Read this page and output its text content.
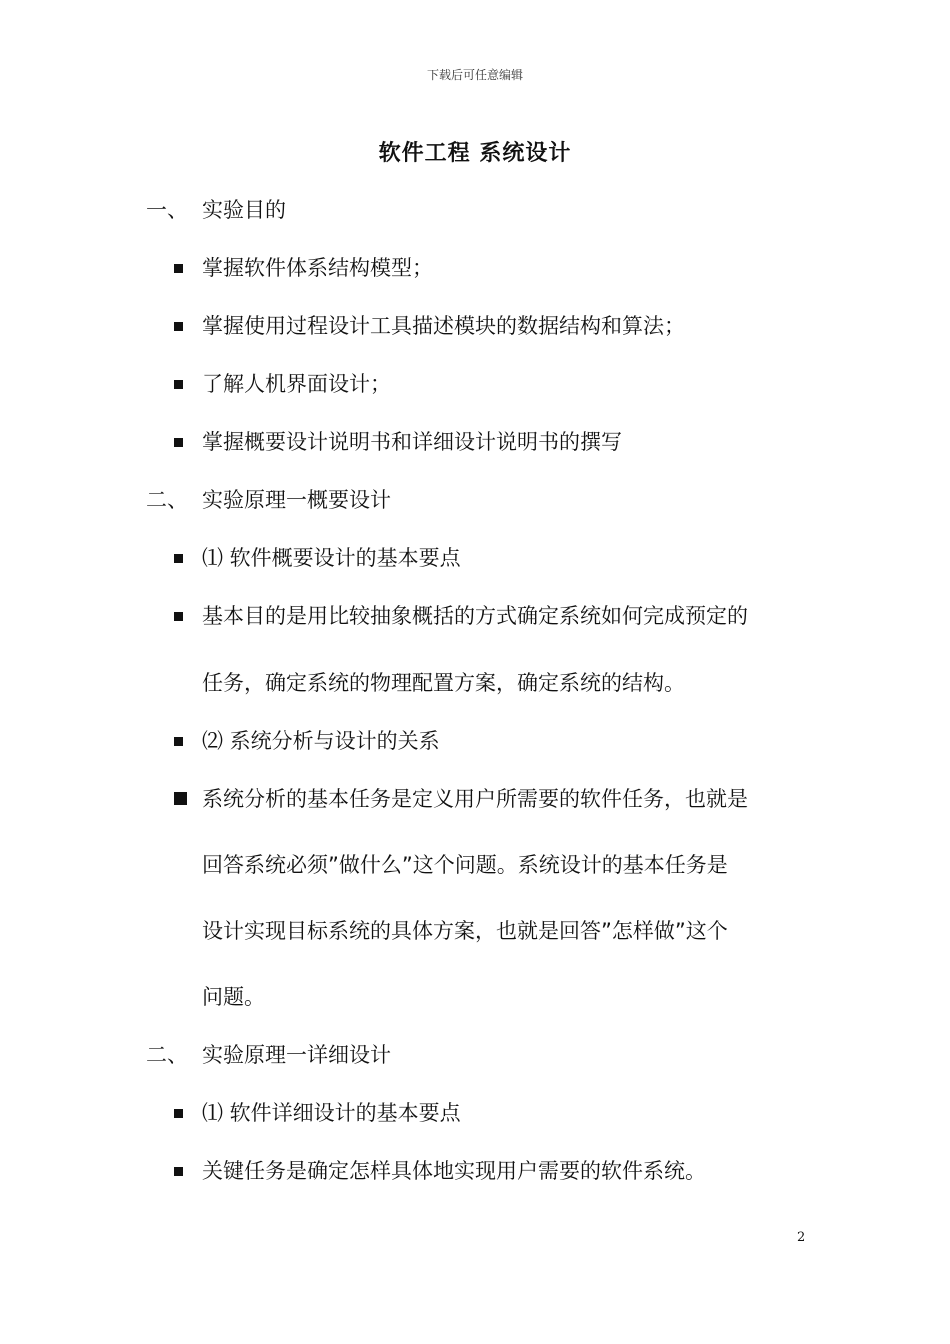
下载后可任意编辑
软件工程 系统设计
一、 实验目的
掌握软件体系结构模型；
掌握使用过程设计工具描述模块的数据结构和算法；
了解人机界面设计；
掌握概要设计说明书和详细设计说明书的撰写
二、 实验原理一概要设计
⑴ 软件概要设计的基本要点
基本目的是用比较抽象概括的方式确定系统如何完成预定的
任务，确定系统的物理配置方案，确定系统的结构。
⑵ 系统分析与设计的关系
系统分析的基本任务是定义用户所需要的软件任务，也就是
回答系统必须”做什么”这个问题。系统设计的基本任务是
设计实现目标系统的具体方案，也就是回答”怎样做”这个
问题。
二、 实验原理一详细设计
⑴ 软件详细设计的基本要点
关键任务是确定怎样具体地实现用户需要的软件系统。
2
